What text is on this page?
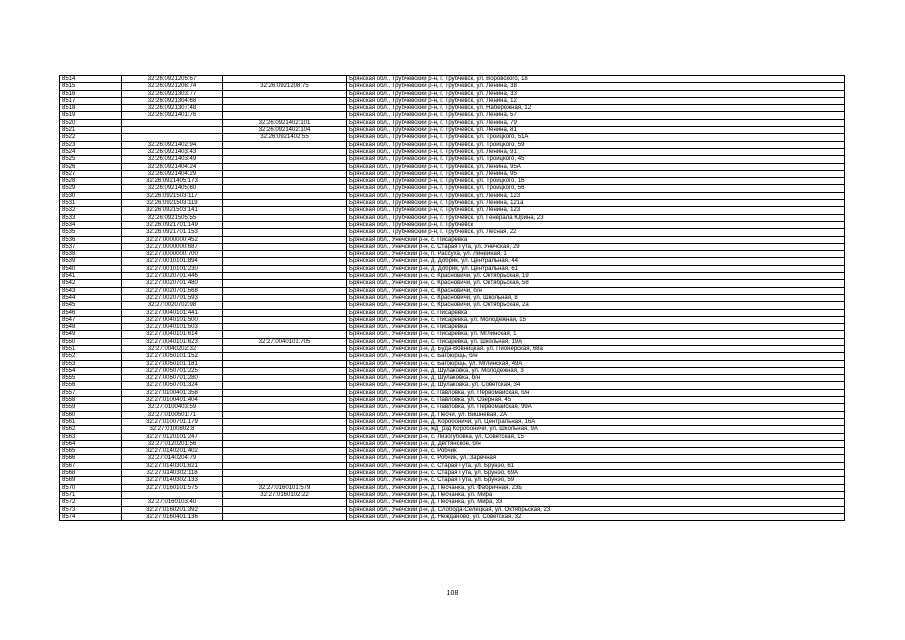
8514	32:26:0921205:67		Брянская обл., Трубчевский р-н, г. Трубчевск, ул. Воровского, 18
8515	32:26:0921208:74	32:26:0921208:75	Брянская обл., Трубчевский р-н, г. Трубчевск, ул. Ленина, 38
8516	32:26:0921303:77		Брянская обл., Трубчевский р-н, г. Трубчевск, ул. Ленина, 33
8517	32:26:0921304:68		Брянская обл., Трубчевский р-н, г. Трубчевск, ул. Ленина, 12
8518	32:26:0921307:48		Брянская обл., Трубчевский р-н, г. Трубчевск, ул. Набережная, 12
8519	32:26:0921401:76		Брянская обл., Трубчевский р-н, г. Трубчевск, ул. Ленина, 57
8520		32:26:0921402:101	Брянская обл., Трубчевский р-н, г. Трубчевск, ул. Ленина, 79
8521		32:26:0921402:104	Брянская обл., Трубчевский р-н, г. Трубчевск, ул. Ленина, 81
8522		32:26:0921402:55	Брянская обл., Трубчевский р-н, г. Трубчевск, ул. Троицкого, 51А
8523	32:26:0921402:94		Брянская обл., Трубчевский р-н, г. Трубчевск, ул. Троицкого, 59
8524	32:26:0921403:43		Брянская обл., Трубчевский р-н, г. Трубчевск, ул. Ленина, 91
8525	32:26:0921403:49		Брянская обл., Трубчевский р-н, г. Трубчевск, ул. Троицкого, 45
8526	32:26:0921404:24		Брянская обл., Трубчевский р-н, г. Трубчевск, ул. Ленина, 95А
8527	32:26:0921404:29		Брянская обл., Трубчевский р-н, г. Трубчевск, ул. Ленина, 95
8528	32:26:0921405:173		Брянская обл., Трубчевский р-н, г. Трубчевск, ул. Троицкого, 16
8529	32:26:0921405:60		Брянская обл., Трубчевский р-н, г. Трубчевск, ул. Троицкого, 56
8530	32:26:0921503:117		Брянская обл., Трубчевский р-н, г. Трубчевск, ул. Ленина, 123
8531	32:26:0921503:119		Брянская обл., Трубчевский р-н, г. Трубчевск, ул. Ленина, 121а
8532	32:26:0921503:141		Брянская обл., Трубчевский р-н, г. Трубчевск, ул. Ленина, 123
8533	32:26:0921505:55		Брянская обл., Трубчевский р-н, г. Трубчевск, ул. Генерала Юрина, 23
8534	32:26:0921701:149		Брянская обл., Трубчевский р-н, г. Трубчевск
8535	32:26:0921701:153		Брянская обл., Трубчевский р-н, г. Трубчевск, ул. Лесная, 22
8536	32:27:0000000:452		Брянская обл., Унечский р-н, с. Писаревка
8537	32:27:0000000:687		Брянская обл., Унечский р-н, с. Старая Гута, ул. Унечская, 29
8538	32:27:0000000:700		Брянская обл., Унечский р-н, п. Рассуха, ул. Линейная, 1
8539	32:27:0010101:894		Брянская обл., Унечский р-н, д. Добрик, ул. Центральная, 44
8540	32:27:0010101:230		Брянская обл., Унечский р-н, д. Добрик, ул. Центральная, 61
8541	32:27:0020701:446		Брянская обл., Унечский р-н, с. Красновичи, ул. Октябрьская, 19
8542	32:27:0020701:480		Брянская обл., Унечский р-н, с. Красновичи, ул. Октябрьская, 58
8543	32:27:0020701:568		Брянская обл., Унечский р-н, с. Красновичи, б/н
8544	32:27:0020701:593		Брянская обл., Унечский р-н, с. Красновичи, ул. Школьная, 8
8545	32:27:0020702:98		Брянская обл., Унечский р-н, с. Красновичи, ул. Октябрьская, 2а
8546	32:27:0040101:441		Брянская обл., Унечский р-н, с. Писаревка
8547	32:27:0040101:500		Брянская обл., Унечский р-н, с. Писаревка, ул. Молодежная, 15
8548	32:27:0040101:503		Брянская обл., Унечский р-н, с. Писаревка
8549	32:27:0040101:614		Брянская обл., Унечский р-н, с. Писаревка, ул. Мглинская, 1
8550	32:27:0040101:623	32:27:0040101:705	Брянская обл., Унечский р-н, с. Писаревка, ул. Школьная, 19А
8551	32:27:0040202:32		Брянская обл., Унечский р-н, д. Буда-Вовницкая, ул. Пионерская, 68а
8552	32:27:0050101:152		Брянская обл., Унечский р-н, с. Багоюрщь, б/н
8553	32:27:0050101:181		Брянская обл., Унечский р-н, с. Багоюрщь, ул. Мглинская, 49А
8554	32:27:0050701:225		Брянская обл., Унечский р-н, д. Шулаковка, ул. Молодежная, 3
8555	32:27:0050701:280		Брянская обл., Унечский р-н, д. Шулаковка, б/н
8556	32:27:0050701:324		Брянская обл., Унечский р-н, д. Шулаковка, ул. Советская, 34
8557	32:27:0100401:358		Брянская обл., Унечский р-н, с. Павловка, ул. Первомайская, б/н
8558	32:27:0100401:404		Брянская обл., Унечский р-н, с. Павловка, ул. Озерная, 45
8559	32:27:0100403:59		Брянская обл., Унечский р-н, с. Павловка, ул. Первомайская, 99А
8560	32:27:0100501:71		Брянская обл., Унечский р-н, д. Песчи, ул. Вишневая, 2А
8561	32:27:0100701:179		Брянская обл., Унечский р-н, д. Коробоничи, ул. Центральная, 16А
8562	32:27:0100802:8		Брянская обл., Унечский р-н, жд_рзд Коробоничи, ул. Школьная, 9А
8563	32:27:0120101:247		Брянская обл., Унечский р-н, с. Лизогубовка, ул. Советская, 15
8564	32:27:0120201:56		Брянская обл., Унечский р-н, д. Дегтянское, б/н
8565	32:27:0140201:402		Брянская обл., Унечский р-н, с. Робчик
8566	32:27:0140204:79		Брянская обл., Унечский р-н, с. Робчик, ул. Заречная
8567	32:27:0140301:621		Брянская обл., Унечский р-н, с. Старая Гута, ул. Брунэо, 61
8568	32:27:0140302:118		Брянская обл., Унечский р-н, с. Старая Гута, ул. Брунэо, 69А
8569	32:27:0140302:133		Брянская обл., Унечский р-н, с. Старая Гута, ул. Брунэо, 59
8570	32:27:0160101:575	32:27:0160101:579	Брянская обл., Унечский р-н, д. Песчанка, ул. Фабричная, 23Б
8571		32:27:0160102:22	Брянская обл., Унечский р-н, д. Песчанка, ул. Мира
8572	32:27:0160103:40		Брянская обл., Унечский р-н, д. Песчанка, ул. Мира, 33
8573	32:27:0160201:392		Брянская обл., Унечский р-н, д. Слобода-Селецкая, ул. Октябрьская, 23
8574	32:27:0160401:136		Брянская обл., Унечский р-н, д. Нежданово, ул. Советская, 32
108
